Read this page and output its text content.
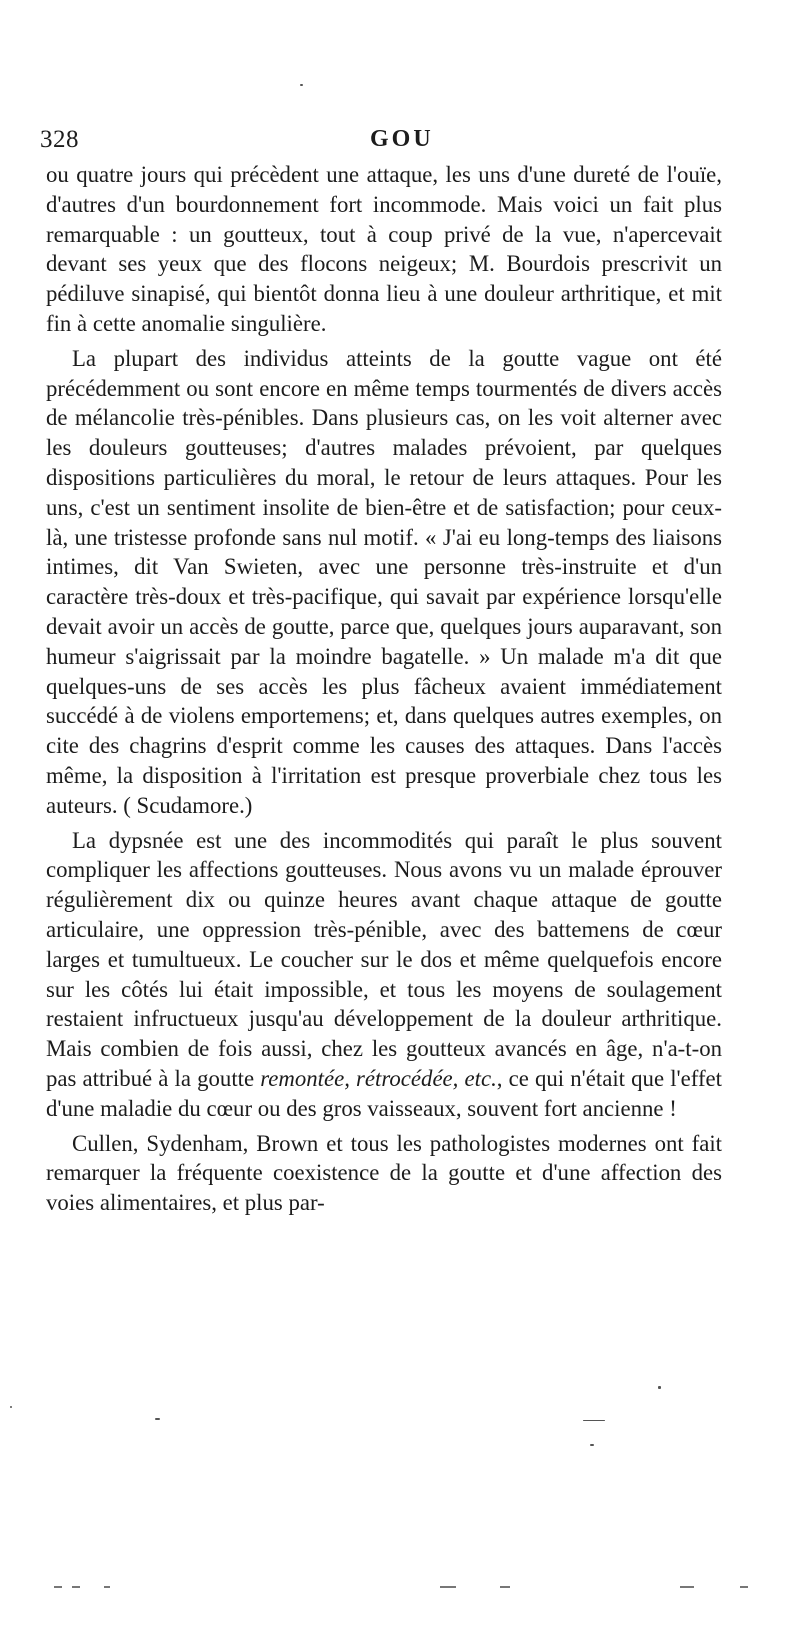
328	GOU

ou quatre jours qui précèdent une attaque, les uns d'une dureté de l'ouïe, d'autres d'un bourdonnement fort incommode. Mais voici un fait plus remarquable : un goutteux, tout à coup privé de la vue, n'apercevait devant ses yeux que des flocons neigeux; M. Bourdois prescrivit un pédiluve sinapisé, qui bientôt donna lieu à une douleur arthritique, et mit fin à cette anomalie singulière.

La plupart des individus atteints de la goutte vague ont été précédemment ou sont encore en même temps tourmentés de divers accès de mélancolie très-pénibles. Dans plusieurs cas, on les voit alterner avec les douleurs goutteuses; d'autres malades prévoient, par quelques dispositions particulières du moral, le retour de leurs attaques. Pour les uns, c'est un sentiment insolite de bien-être et de satisfaction; pour ceux-là, une tristesse profonde sans nul motif. « J'ai eu long-temps des liaisons intimes, dit Van Swieten, avec une personne très-instruite et d'un caractère très-doux et très-pacifique, qui savait par expérience lorsqu'elle devait avoir un accès de goutte, parce que, quelques jours auparavant, son humeur s'aigrissait par la moindre bagatelle. » Un malade m'a dit que quelques-uns de ses accès les plus fâcheux avaient immédiatement succédé à de violens emportemens; et, dans quelques autres exemples, on cite des chagrins d'esprit comme les causes des attaques. Dans l'accès même, la disposition à l'irritation est presque proverbiale chez tous les auteurs. ( Scudamore.)

La dypsnée est une des incommodités qui paraît le plus souvent compliquer les affections goutteuses. Nous avons vu un malade éprouver régulièrement dix ou quinze heures avant chaque attaque de goutte articulaire, une oppression très-pénible, avec des battemens de cœur larges et tumultueux. Le coucher sur le dos et même quelquefois encore sur les côtés lui était impossible, et tous les moyens de soulagement restaient infructueux jusqu'au développement de la douleur arthritique. Mais combien de fois aussi, chez les goutteux avancés en âge, n'a-t-on pas attribué à la goutte remontée, rétrocédée, etc., ce qui n'était que l'effet d'une maladie du cœur ou des gros vaisseaux, souvent fort ancienne !

Cullen, Sydenham, Brown et tous les pathologistes modernes ont fait remarquer la fréquente coexistence de la goutte et d'une affection des voies alimentaires, et plus par-
